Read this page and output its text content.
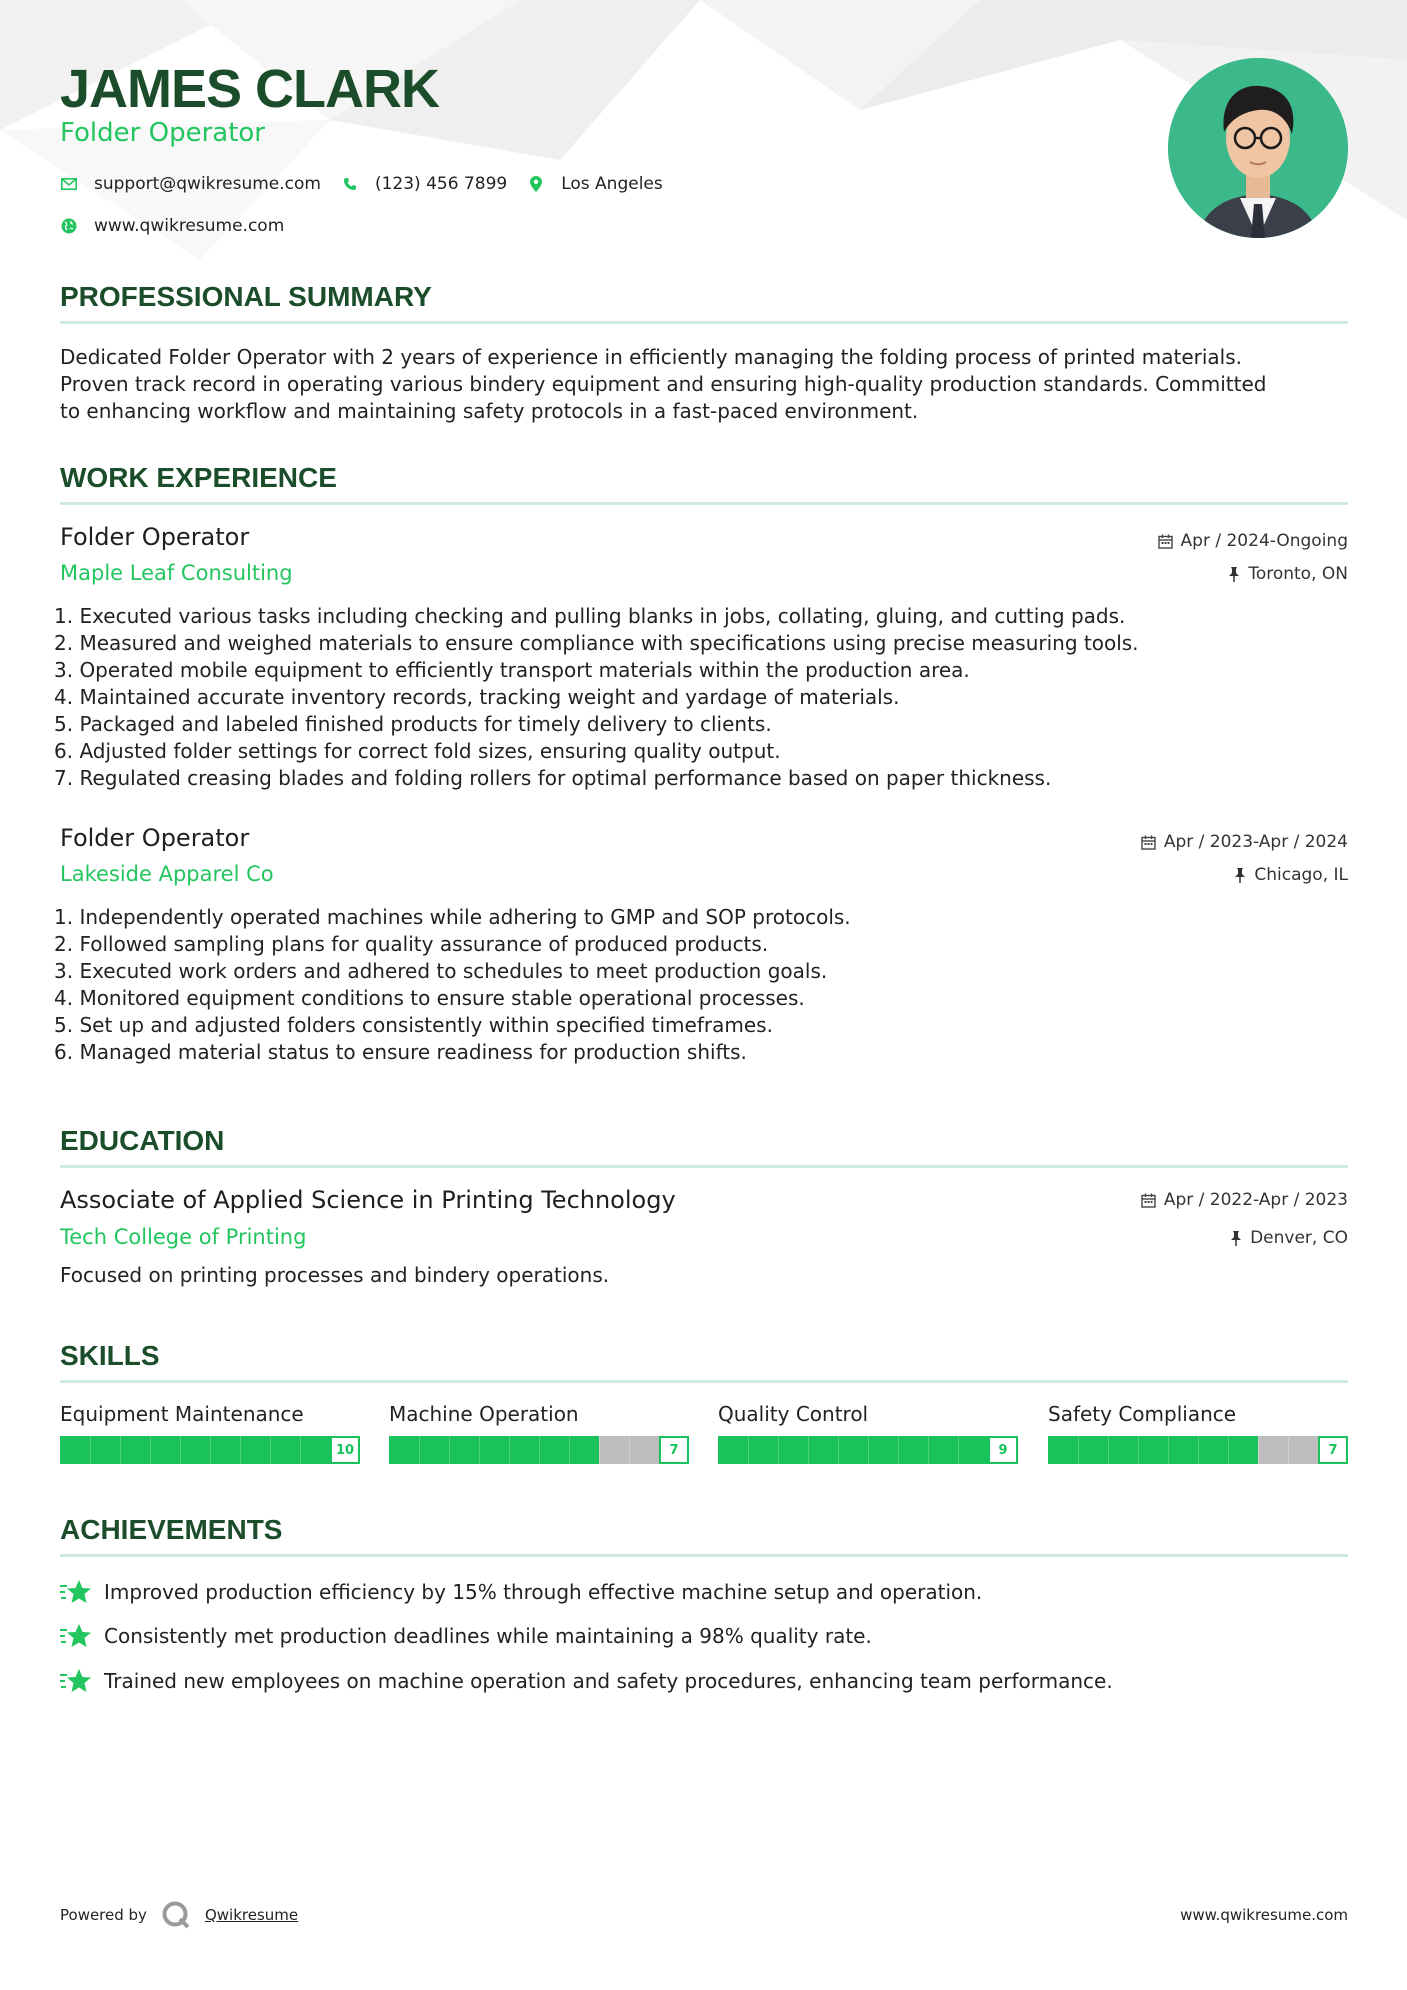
JAMES CLARK
Folder Operator
support@qwikresume.com	(123) 456 7899	Los Angeles
www.qwikresume.com
PROFESSIONAL SUMMARY
Dedicated Folder Operator with 2 years of experience in efficiently managing the folding process of printed materials.
Proven track record in operating various bindery equipment and ensuring high-quality production standards. Committed
to enhancing workflow and maintaining safety protocols in a fast-paced environment.
WORK EXPERIENCE
Folder Operator
Maple Leaf Consulting
Apr / 2024-Ongoing
Toronto, ON
1. Executed various tasks including checking and pulling blanks in jobs, collating, gluing, and cutting pads.
2. Measured and weighed materials to ensure compliance with specifications using precise measuring tools.
3. Operated mobile equipment to efficiently transport materials within the production area.
4. Maintained accurate inventory records, tracking weight and yardage of materials.
5. Packaged and labeled finished products for timely delivery to clients.
6. Adjusted folder settings for correct fold sizes, ensuring quality output.
7. Regulated creasing blades and folding rollers for optimal performance based on paper thickness.
Folder Operator
Lakeside Apparel Co
Apr / 2023-Apr / 2024
Chicago, IL
1. Independently operated machines while adhering to GMP and SOP protocols.
2. Followed sampling plans for quality assurance of produced products.
3. Executed work orders and adhered to schedules to meet production goals.
4. Monitored equipment conditions to ensure stable operational processes.
5. Set up and adjusted folders consistently within specified timeframes.
6. Managed material status to ensure readiness for production shifts.
EDUCATION
Associate of Applied Science in Printing Technology
Tech College of Printing
Apr / 2022-Apr / 2023
Denver, CO
Focused on printing processes and bindery operations.
SKILLS
Equipment Maintenance
10
Machine Operation
7
Quality Control
9
Safety Compliance
7
ACHIEVEMENTS
Improved production efficiency by 15% through effective machine setup and operation.
Consistently met production deadlines while maintaining a 98% quality rate.
Trained new employees on machine operation and safety procedures, enhancing team performance.
Powered by	Qwikresume	www.qwikresume.com
